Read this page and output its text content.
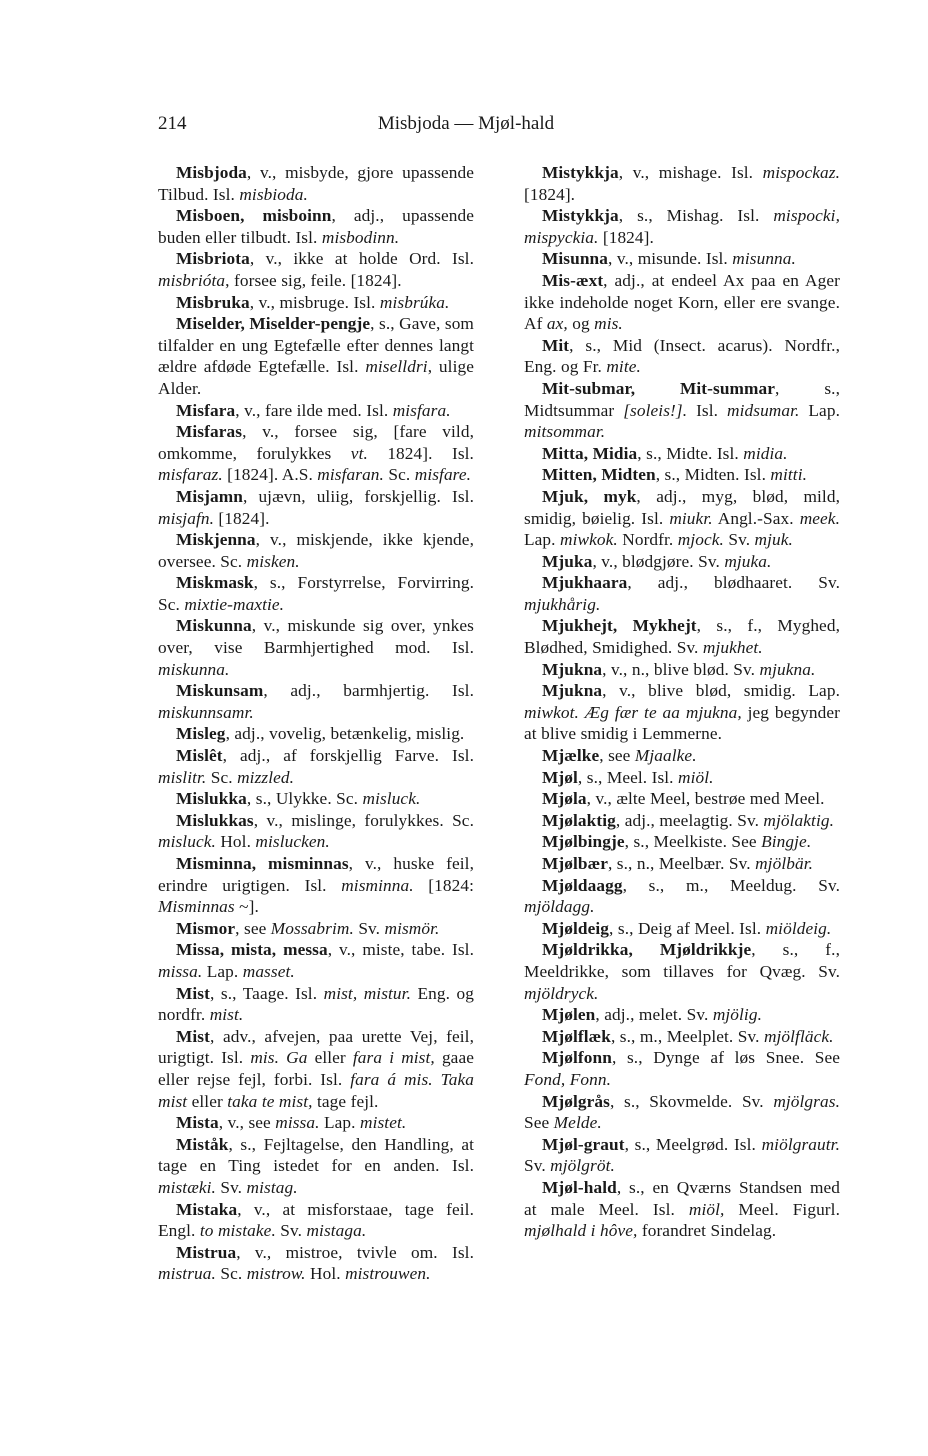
214	Misbjoda — Mjøl-hald

Misbjoda, v., misbyde, gjore upassende Tilbud. Isl. misbioda.

Misboen, misboinn, adj., upassende buden eller tilbudt. Isl. misbodinn.

Misbriota, v., ikke at holde Ord. Isl. misbrióta, forsee sig, feile. [1824].

Misbruka, v., misbruge. Isl. misbrúka.

Miselder, Miselder-pengje, s., Gave, som tilfalder en ung Egtefælle efter dennes langt ældre afdøde Egtefælle. Isl. miselldri, ulige Alder.

Misfara, v., fare ilde med. Isl. misfara.

Misfaras, v., forsee sig, [fare vild, omkomme, forulykkes vt. 1824]. Isl. misfaraz. [1824]. A.S. misfaran. Sc. misfare.

Misjamn, ujævn, uliig, forskjellig. Isl. misjafn. [1824].

Miskjenna, v., miskjende, ikke kjende, oversee. Sc. misken.

Miskmask, s., Forstyrrelse, Forvirring. Sc. mixtie-maxtie.

Miskunna, v., miskunde sig over, ynkes over, vise Barmhjertighed mod. Isl. miskunna.

Miskunsam, adj., barmhjertig. Isl. miskunnsamr.

Misleg, adj., vovelig, betænkelig, mislig.

Mislêt, adj., af forskjellig Farve. Isl. mislitr. Sc. mizzled.

Mislukka, s., Ulykke. Sc. misluck.

Mislukkas, v., mislinge, forulykkes. Sc. misluck. Hol. mislucken.

Misminna, misminnas, v., huske feil, erindre urigtigen. Isl. misminna. [1824: Misminnas ~].

Mismor, see Mossabrim. Sv. mismör.

Missa, mista, messa, v., miste, tabe. Isl. missa. Lap. masset.

Mist, s., Taage. Isl. mist, mistur. Eng. og nordfr. mist.

Mist, adv., afvejen, paa urette Vej, feil, urigtigt. Isl. mis. Ga eller fara i mist, gaae eller rejse fejl, forbi. Isl. fara á mis. Taka mist eller taka te mist, tage fejl.

Mista, v., see missa. Lap. mistet.

Miståk, s., Fejltagelse, den Handling, at tage en Ting istedet for en anden. Isl. mistæki. Sv. mistag.

Mistaka, v., at misforstaae, tage feil. Engl. to mistake. Sv. mistaga.

Mistrua, v., mistroe, tvivle om. Isl. mistrua. Sc. mistrow. Hol. mistrouwen.

Mistykkja, v., mishage. Isl. mispockaz. [1824].

Mistykkja, s., Mishag. Isl. mispocki, mispyckia. [1824].

Misunna, v., misunde. Isl. misunna.

Mis-æxt, adj., at endeel Ax paa en Ager ikke indeholde noget Korn, eller ere svange. Af ax, og mis.

Mit, s., Mid (Insect. acarus). Nordfr., Eng. og Fr. mite.

Mit-submar, Mit-summar, s., Midtsummar [soleis!]. Isl. midsumar. Lap. mitsommar.

Mitta, Midia, s., Midte. Isl. midia.

Mitten, Midten, s., Midten. Isl. mitti.

Mjuk, myk, adj., myg, blød, mild, smidig, bøielig. Isl. miukr. Angl.-Sax. meek. Lap. miwkok. Nordfr. mjock. Sv. mjuk.

Mjuka, v., blødgjøre. Sv. mjuka.

Mjukhaara, adj., blødhaaret. Sv. mjukhårig.

Mjukhejt, Mykhejt, s., f., Myghed, Blødhed, Smidighed. Sv. mjukhet.

Mjukna, v., n., blive blød. Sv. mjukna.

Mjukna, v., blive blød, smidig. Lap. miwkot. Æg fær te aa mjukna, jeg begynder at blive smidig i Lemmerne.

Mjælke, see Mjaalke.

Mjøl, s., Meel. Isl. miöl.

Mjøla, v., ælte Meel, bestrøe med Meel.

Mjølaktig, adj., meelagtig. Sv. mjölaktig.

Mjølbingje, s., Meelkiste. See Bingje.

Mjølbær, s., n., Meelbær. Sv. mjölbär.

Mjøldaagg, s., m., Meeldug. Sv. mjöldagg.

Mjøldeig, s., Deig af Meel. Isl. miöldeig.

Mjøldrikka, Mjøldrikkje, s., f., Meeldrikke, som tillaves for Qvæg. Sv. mjöldryck.

Mjølen, adj., melet. Sv. mjölig.

Mjølflæk, s., m., Meelplet. Sv. mjölfläck.

Mjølfonn, s., Dynge af løs Snee. See Fond, Fonn.

Mjølgrås, s., Skovmelde. Sv. mjölgras. See Melde.

Mjøl-graut, s., Meelgrød. Isl. miölgrautr. Sv. mjölgröt.

Mjøl-hald, s., en Qværns Standsen med at male Meel. Isl. miöl, Meel. Figurl. mjølhald i hôve, forandret Sindelag.
